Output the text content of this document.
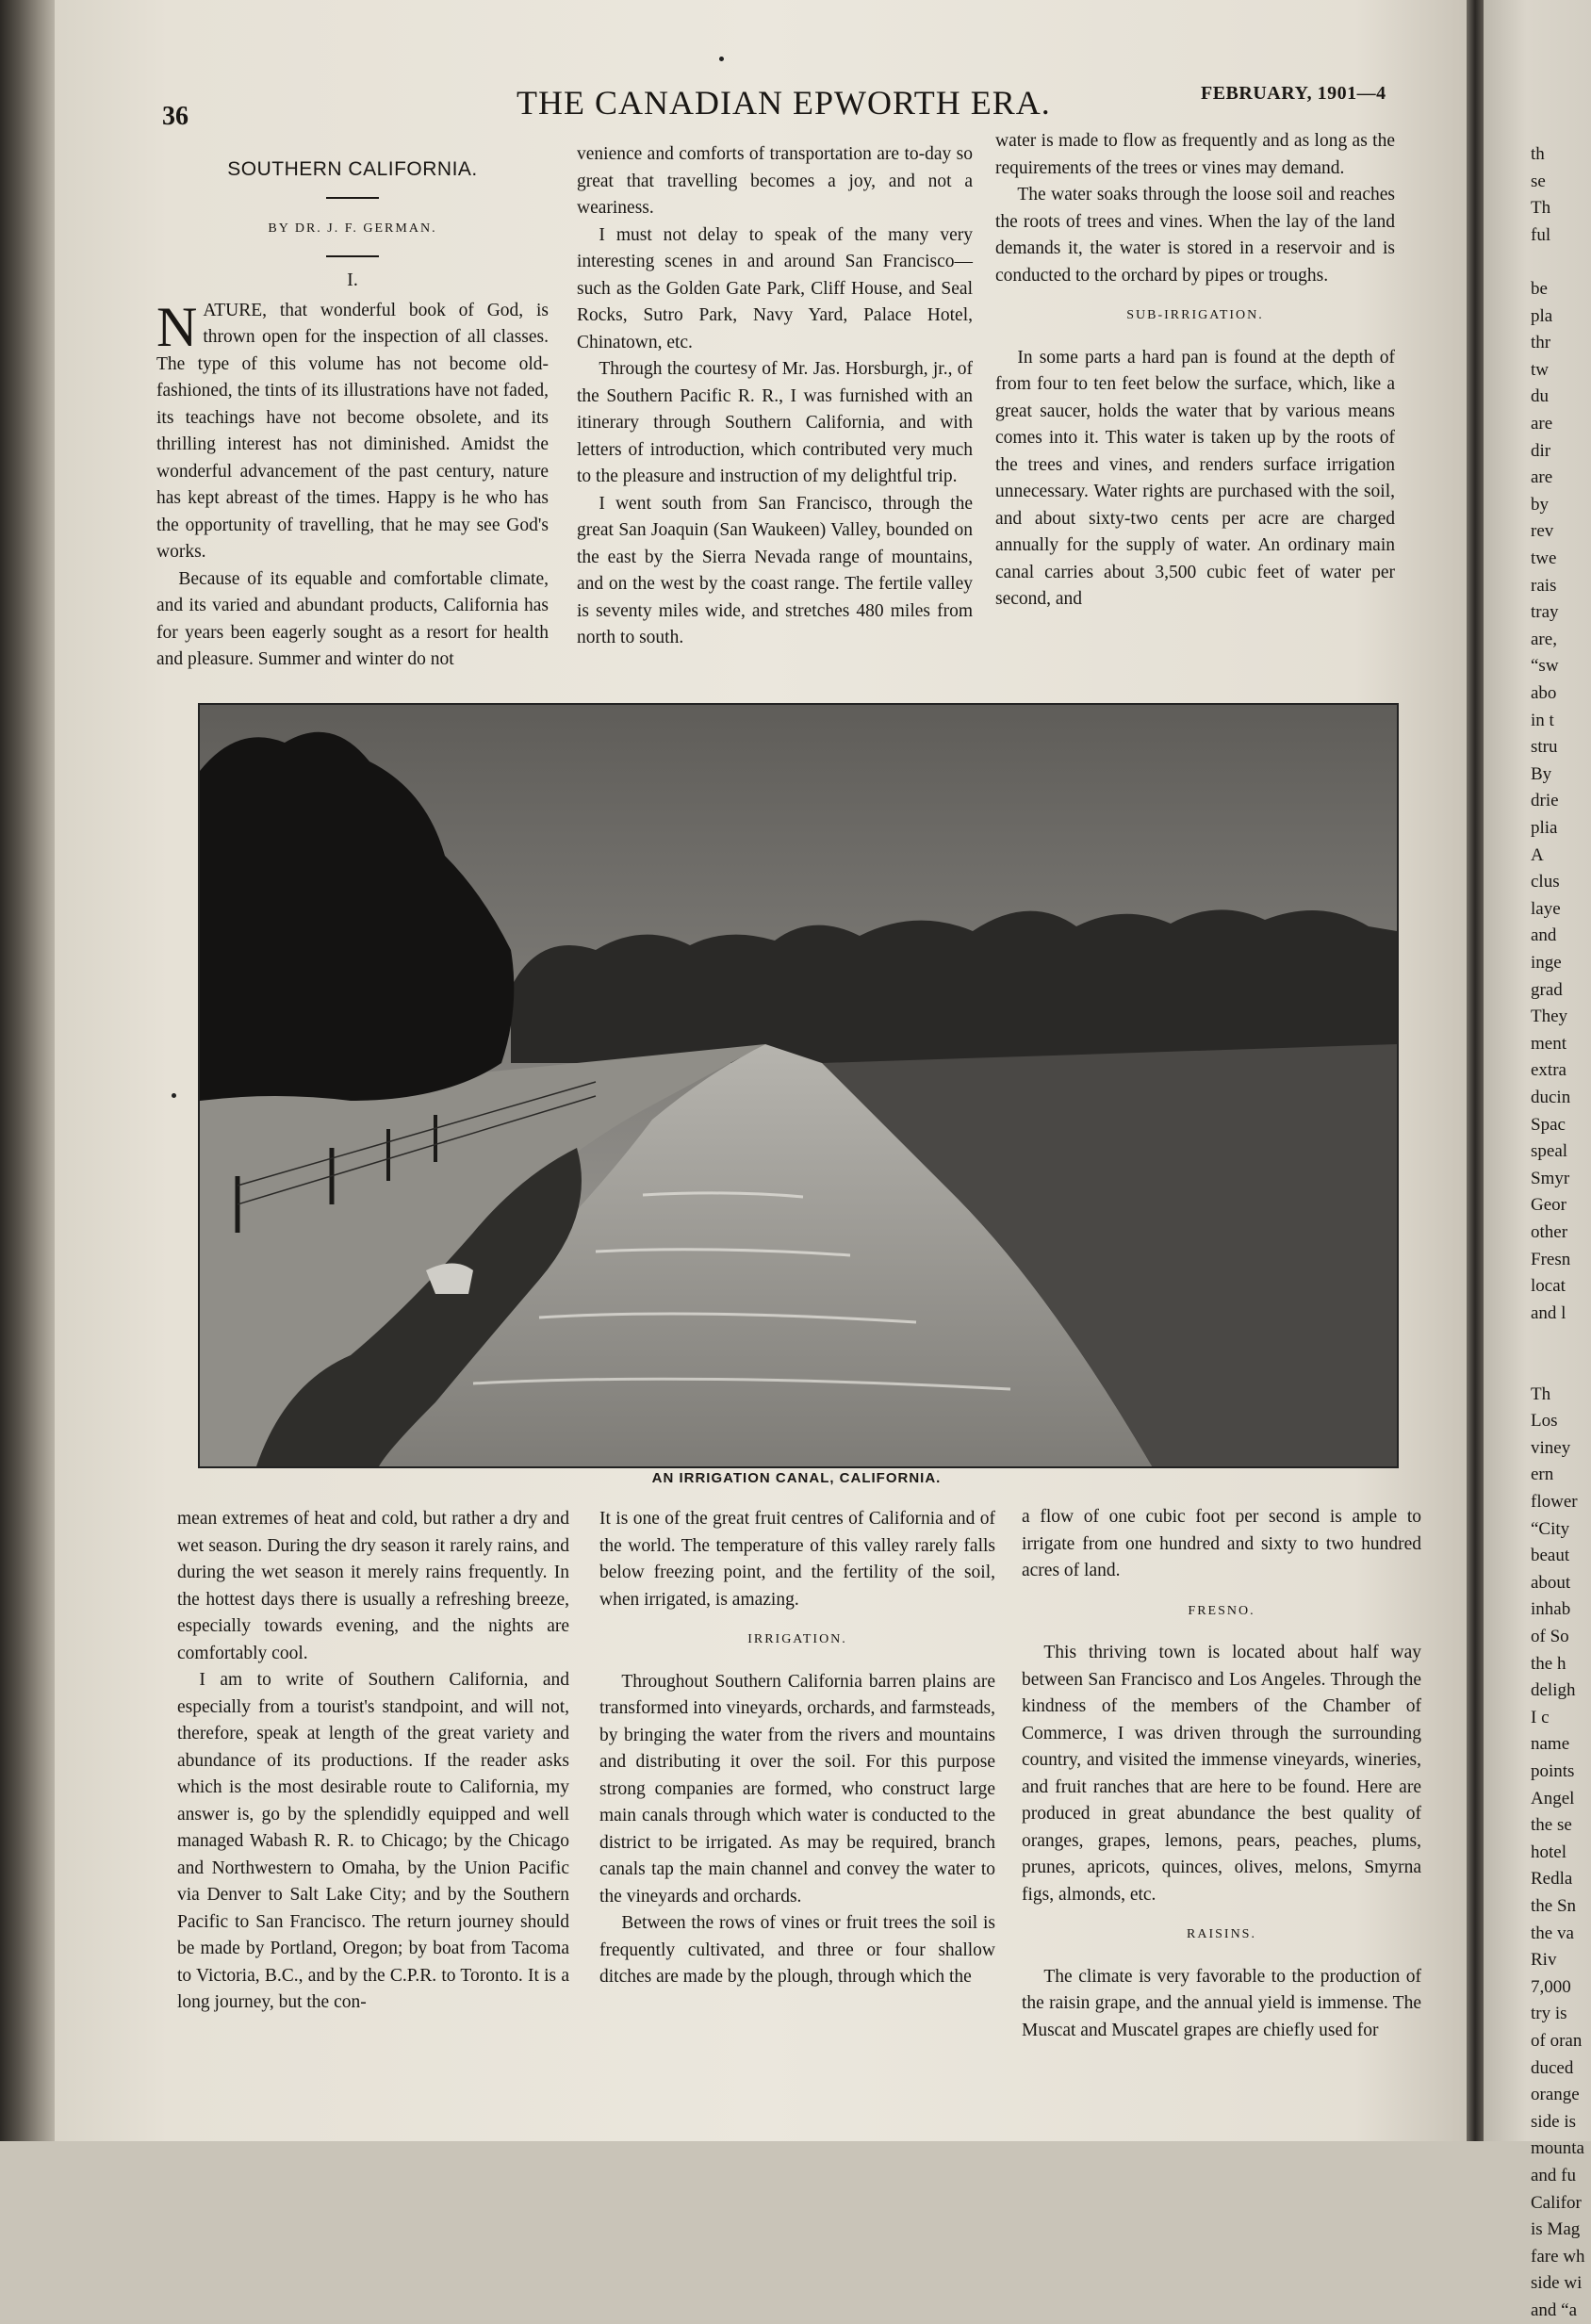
th
se
Th
ful
be
pla
thr
tw
du
are
dir
are
by
rev
twe
rais
tray
are,
“sw
abo
in t
stru
By
drie
plia
A
clus
laye
and
inge
grad
They
ment
extra
ducin
Spac
speal
Smyr
Geor
other
Fresn
locat
and l
Th
Los
viney
ern
flower
“City
beaut
about
inhab
of So
the h
deligh
I c
name
points
Angel
the se
hotel
Redla
the Sn
the va
Riv
7,000
try is
of oran
duced
orange
side is
mounta
and fu
Califor
is Mag
fare wh
side wi
and “a
36	THE CANADIAN EPWORTH ERA.	FEBRUARY, 1901—4
SOUTHERN CALIFORNIA.
BY DR. J. F. GERMAN.
I.

NATURE, that wonderful book of God, is thrown open for the inspection of all classes. The type of this volume has not become old-fashioned, the tints of its illustrations have not faded, its teachings have not become obsolete, and its thrilling interest has not diminished. Amidst the wonderful advancement of the past century, nature has kept abreast of the times. Happy is he who has the opportunity of travelling, that he may see God's works.

Because of its equable and comfortable climate, and its varied and abundant products, California has for years been eagerly sought as a resort for health and pleasure. Summer and winter do not

venience and comforts of transportation are to-day so great that travelling becomes a joy, and not a weariness.

I must not delay to speak of the many very interesting scenes in and around San Francisco—such as the Golden Gate Park, Cliff House, and Seal Rocks, Sutro Park, Navy Yard, Palace Hotel, Chinatown, etc.

Through the courtesy of Mr. Jas. Horsburgh, jr., of the Southern Pacific R. R., I was furnished with an itinerary through Southern California, and with letters of introduction, which contributed very much to the pleasure and instruction of my delightful trip.

I went south from San Francisco, through the great San Joaquin (San Waukeen) Valley, bounded on the east by the Sierra Nevada range of mountains, and on the west by the coast range. The fertile valley is seventy miles wide, and stretches 480 miles from north to south.

water is made to flow as frequently and as long as the requirements of the trees or vines may demand.

The water soaks through the loose soil and reaches the roots of trees and vines. When the lay of the land demands it, the water is stored in a reservoir and is conducted to the orchard by pipes or troughs.

SUB-IRRIGATION.

In some parts a hard pan is found at the depth of from four to ten feet below the surface, which, like a great saucer, holds the water that by various means comes into it. This water is taken up by the roots of the trees and vines, and renders surface irrigation unnecessary. Water rights are purchased with the soil, and about sixty-two cents per acre are charged annually for the supply of water. An ordinary main canal carries about 3,500 cubic feet of water per second, and

AN IRRIGATION CANAL, CALIFORNIA.

mean extremes of heat and cold, but rather a dry and wet season. During the dry season it rarely rains, and during the wet season it merely rains frequently. In the hottest days there is usually a refreshing breeze, especially towards evening, and the nights are comfortably cool.

I am to write of Southern California, and especially from a tourist's standpoint, and will not, therefore, speak at length of the great variety and abundance of its productions. If the reader asks which is the most desirable route to California, my answer is, go by the splendidly equipped and well managed Wabash R. R. to Chicago; by the Chicago and Northwestern to Omaha, by the Union Pacific via Denver to Salt Lake City; and by the Southern Pacific to San Francisco. The return journey should be made by Portland, Oregon; by boat from Tacoma to Victoria, B.C., and by the C.P.R. to Toronto. It is a long journey, but the con-

It is one of the great fruit centres of California and of the world. The temperature of this valley rarely falls below freezing point, and the fertility of the soil, when irrigated, is amazing.

IRRIGATION.

Throughout Southern California barren plains are transformed into vineyards, orchards, and farmsteads, by bringing the water from the rivers and mountains and distributing it over the soil. For this purpose strong companies are formed, who construct large main canals through which water is conducted to the district to be irrigated. As may be required, branch canals tap the main channel and convey the water to the vineyards and orchards.

Between the rows of vines or fruit trees the soil is frequently cultivated, and three or four shallow ditches are made by the plough, through which the

a flow of one cubic foot per second is ample to irrigate from one hundred and sixty to two hundred acres of land.

FRESNO.

This thriving town is located about half way between San Francisco and Los Angeles. Through the kindness of the members of the Chamber of Commerce, I was driven through the surrounding country, and visited the immense vineyards, wineries, and fruit ranches that are here to be found. Here are produced in great abundance the best quality of oranges, grapes, lemons, pears, peaches, plums, prunes, apricots, quinces, olives, melons, Smyrna figs, almonds, etc.

RAISINS.

The climate is very favorable to the production of the raisin grape, and the annual yield is immense. The Muscat and Muscatel grapes are chiefly used for
